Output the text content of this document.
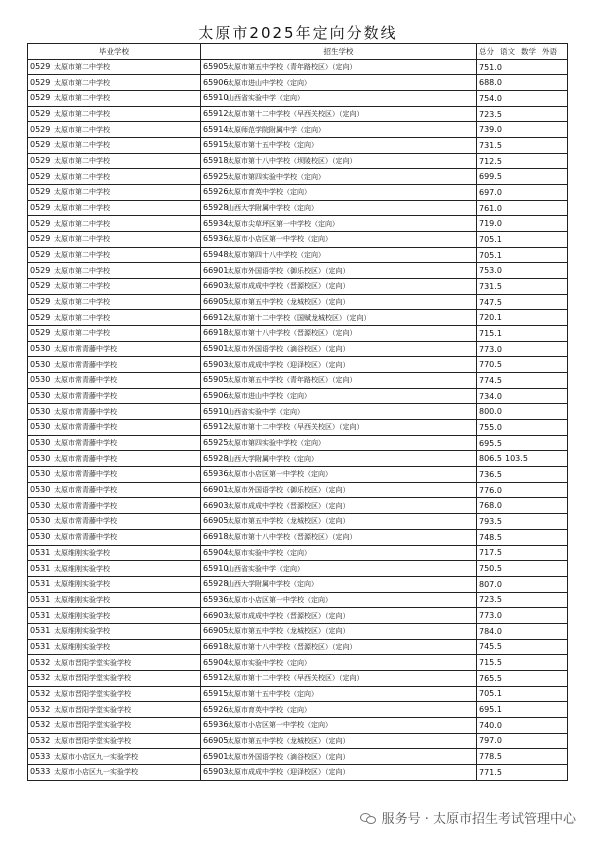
太原市2025年定向分数线
毕业学校	招生学校	总分 语文 数学 外语
0529 太原市第二中学校	65905太原市第五中学校（青年路校区）（定向）	751.0
0529 太原市第二中学校	65906太原市进山中学校（定向）	688.0
0529 太原市第二中学校	65910山西省实验中学（定向）	754.0
0529 太原市第二中学校	65912太原市第十二中学校（早西关校区）（定向）	723.5
0529 太原市第二中学校	65914太原师范学院附属中学（定向）	739.0
0529 太原市第二中学校	65915太原市第十五中学校（定向）	731.5
0529 太原市第二中学校	65918太原市第十八中学校（坝陵校区）（定向）	712.5
0529 太原市第二中学校	65925太原市第四实验中学校（定向）	699.5
0529 太原市第二中学校	65926太原市育英中学校（定向）	697.0
0529 太原市第二中学校	65928山西大学附属中学校（定向）	761.0
0529 太原市第二中学校	65934太原市尖草坪区第一中学校（定向）	719.0
0529 太原市第二中学校	65936太原市小店区第一中学校（定向）	705.1
0529 太原市第二中学校	65948太原市第四十八中学校（定向）	705.1
0529 太原市第二中学校	66901太原市外国语学校（御乐校区）（定向）	753.0
0529 太原市第二中学校	66903太原市成成中学校（晋源校区）（定向）	731.5
0529 太原市第二中学校	66905太原市第五中学校（龙城校区）（定向）	747.5
0529 太原市第二中学校	66912太原市第十二中学校（国赋龙城校区）（定向）	720.1
0529 太原市第二中学校	66918太原市第十八中学校（晋源校区）（定向）	715.1
0530 太原市常青藤中学校	65901太原市外国语学校（滴谷校区）（定向）	773.0
0530 太原市常青藤中学校	65903太原市成成中学校（迎泽校区）（定向）	770.5
0530 太原市常青藤中学校	65905太原市第五中学校（青年路校区）（定向）	774.5
0530 太原市常青藤中学校	65906太原市进山中学校（定向）	734.0
0530 太原市常青藤中学校	65910山西省实验中学（定向）	800.0
0530 太原市常青藤中学校	65912太原市第十二中学校（早西关校区）（定向）	755.0
0530 太原市常青藤中学校	65925太原市第四实验中学校（定向）	695.5
0530 太原市常青藤中学校	65928山西大学附属中学校（定向）	806.5 103.5
0530 太原市常青藤中学校	65936太原市小店区第一中学校（定向）	736.5
0530 太原市常青藤中学校	66901太原市外国语学校（御乐校区）（定向）	776.0
0530 太原市常青藤中学校	66903太原市成成中学校（晋源校区）（定向）	768.0
0530 太原市常青藤中学校	66905太原市第五中学校（龙城校区）（定向）	793.5
0530 太原市常青藤中学校	66918太原市第十八中学校（晋源校区）（定向）	748.5
0531 太原维刚实验学校	65904太原市实验中学校（定向）	717.5
0531 太原维刚实验学校	65910山西省实验中学（定向）	750.5
0531 太原维刚实验学校	65928山西大学附属中学校（定向）	807.0
0531 太原维刚实验学校	65936太原市小店区第一中学校（定向）	723.5
0531 太原维刚实验学校	66903太原市成成中学校（晋源校区）（定向）	773.0
0531 太原维刚实验学校	66905太原市第五中学校（龙城校区）（定向）	784.0
0531 太原维刚实验学校	66918太原市第十八中学校（晋源校区）（定向）	745.5
0532 太原市晋阳学堂实验学校	65904太原市实验中学校（定向）	715.5
0532 太原市晋阳学堂实验学校	65912太原市第十二中学校（早西关校区）（定向）	765.5
0532 太原市晋阳学堂实验学校	65915太原市第十五中学校（定向）	705.1
0532 太原市晋阳学堂实验学校	65926太原市育英中学校（定向）	695.1
0532 太原市晋阳学堂实验学校	65936太原市小店区第一中学校（定向）	740.0
0532 太原市晋阳学堂实验学校	66905太原市第五中学校（龙城校区）（定向）	797.0
0533 太原市小店区九一实验学校	65901太原市外国语学校（滴谷校区）（定向）	778.5
0533 太原市小店区九一实验学校	65903太原市成成中学校（迎泽校区）（定向）	771.5
服务号 · 太原市招生考试管理中心
